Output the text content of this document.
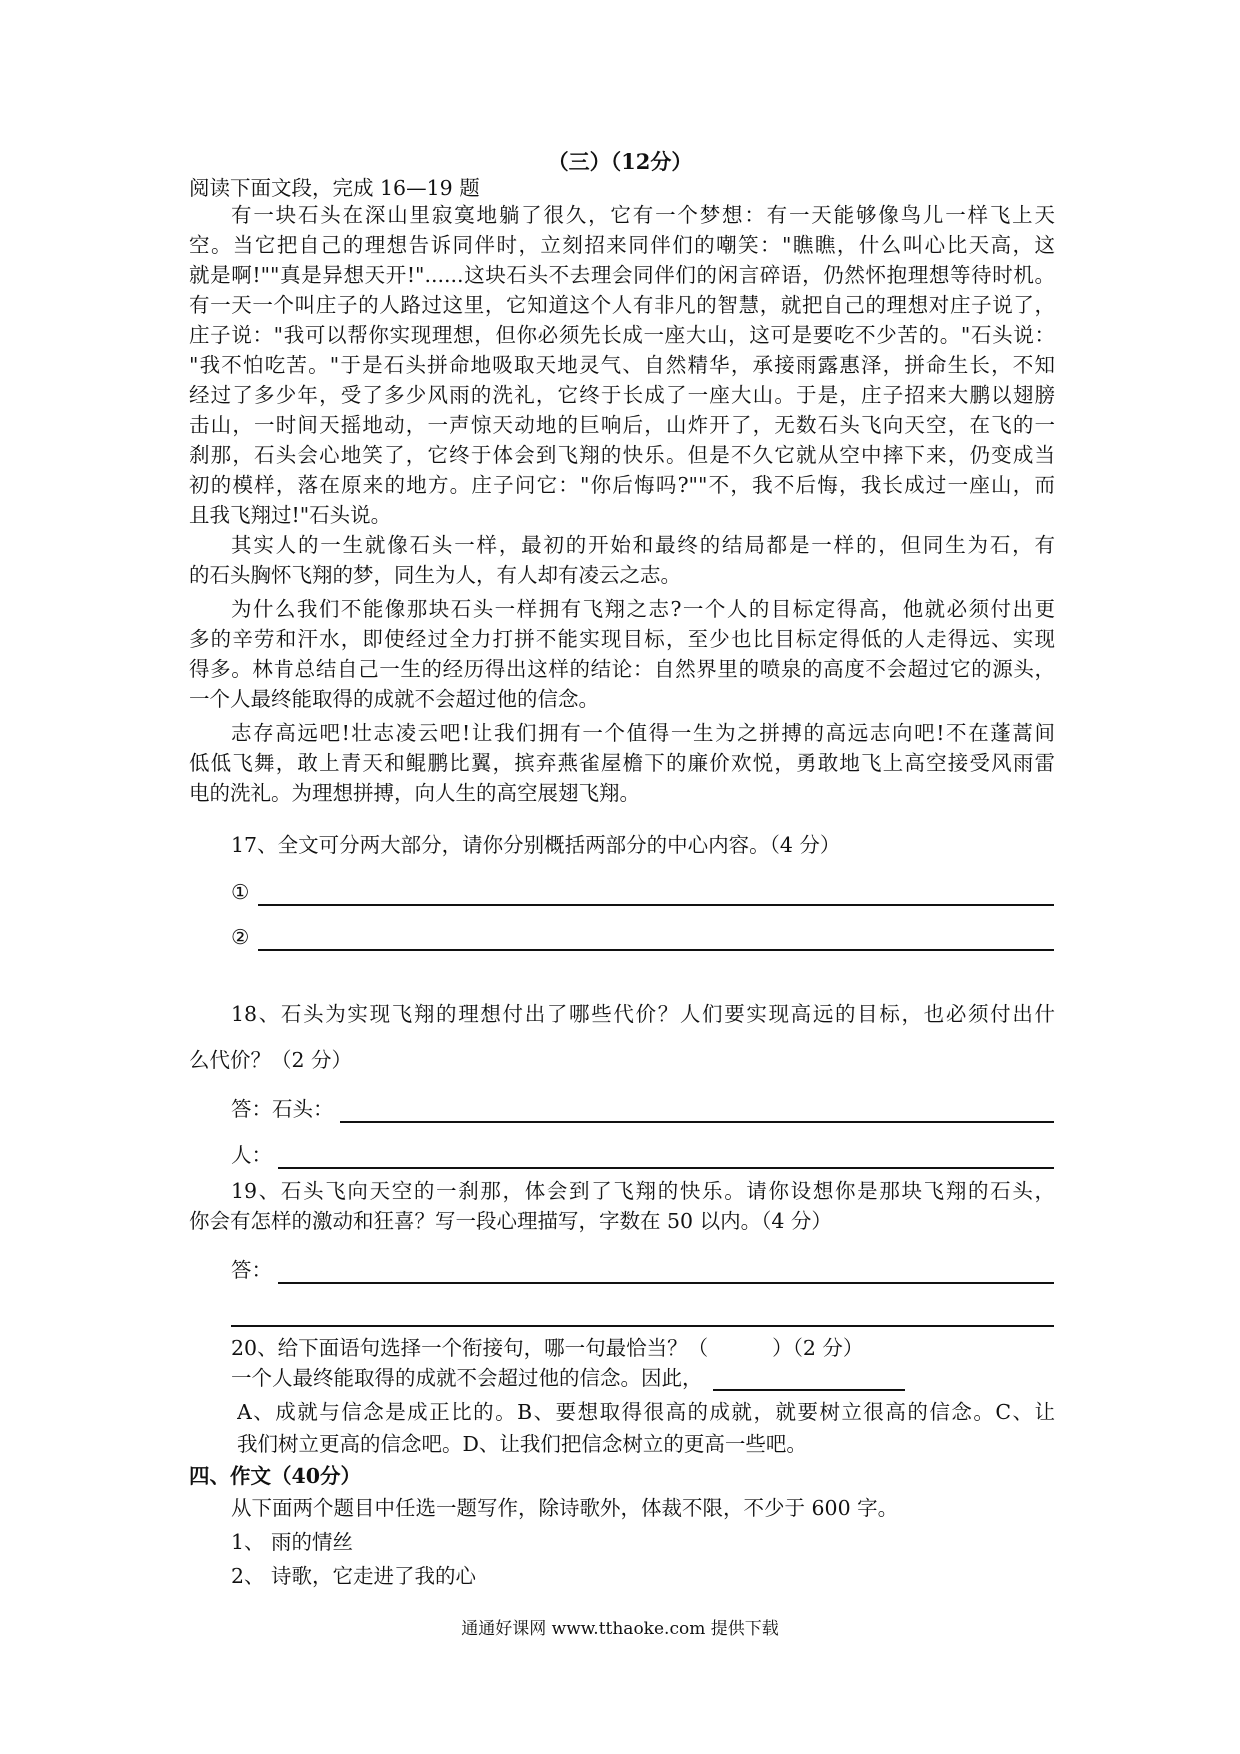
（三）（12分）
阅读下面文段，完成 16—19 题
有一块石头在深山里寂寞地躺了很久，它有一个梦想：有一天能够像鸟儿一样飞上天
空。当它把自己的理想告诉同伴时，立刻招来同伴们的嘲笑："瞧瞧，什么叫心比天高，这
就是啊!""真是异想天开!"......这块石头不去理会同伴们的闲言碎语，仍然怀抱理想等待时机。
有一天一个叫庄子的人路过这里，它知道这个人有非凡的智慧，就把自己的理想对庄子说了，
庄子说："我可以帮你实现理想，但你必须先长成一座大山，这可是要吃不少苦的。"石头说：
"我不怕吃苦。"于是石头拼命地吸取天地灵气、自然精华，承接雨露惠泽，拼命生长，不知
经过了多少年，受了多少风雨的洗礼，它终于长成了一座大山。于是，庄子招来大鹏以翅膀
击山，一时间天摇地动，一声惊天动地的巨响后，山炸开了，无数石头飞向天空，在飞的一
刹那，石头会心地笑了，它终于体会到飞翔的快乐。但是不久它就从空中摔下来，仍变成当
初的模样，落在原来的地方。庄子问它："你后悔吗?""不，我不后悔，我长成过一座山，而
且我飞翔过!"石头说。
其实人的一生就像石头一样，最初的开始和最终的结局都是一样的，但同生为石，有
的石头胸怀飞翔的梦，同生为人，有人却有凌云之志。
为什么我们不能像那块石头一样拥有飞翔之志?一个人的目标定得高，他就必须付出更
多的辛劳和汗水，即使经过全力打拼不能实现目标，至少也比目标定得低的人走得远、实现
得多。林肯总结自己一生的经历得出这样的结论：自然界里的喷泉的高度不会超过它的源头，
一个人最终能取得的成就不会超过他的信念。
志存高远吧!壮志凌云吧!让我们拥有一个值得一生为之拼搏的高远志向吧!不在蓬蒿间
低低飞舞，敢上青天和鲲鹏比翼，摈弃燕雀屋檐下的廉价欢悦，勇敢地飞上高空接受风雨雷
电的洗礼。为理想拼搏，向人生的高空展翅飞翔。
17、全文可分两大部分，请你分别概括两部分的中心内容。（4 分）
①
②
18、石头为实现飞翔的理想付出了哪些代价？人们要实现高远的目标，也必须付出什
么代价？（2 分）
答：石头：
人：
19、石头飞向天空的一刹那，体会到了飞翔的快乐。请你设想你是那块飞翔的石头，
你会有怎样的激动和狂喜？写一段心理描写，字数在 50 以内。（4 分）
答：
20、给下面语句选择一个衔接句，哪一句最恰当？（	）（2 分）
一个人最终能取得的成就不会超过他的信念。因此，
A、成就与信念是成正比的。B、要想取得很高的成就，就要树立很高的信念。C、让
我们树立更高的信念吧。D、让我们把信念树立的更高一些吧。
四、作文（40分）
从下面两个题目中任选一题写作，除诗歌外，体裁不限，不少于 600 字。
1、 雨的情丝
2、 诗歌，它走进了我的心
通通好课网 www.tthaoke.com 提供下载
